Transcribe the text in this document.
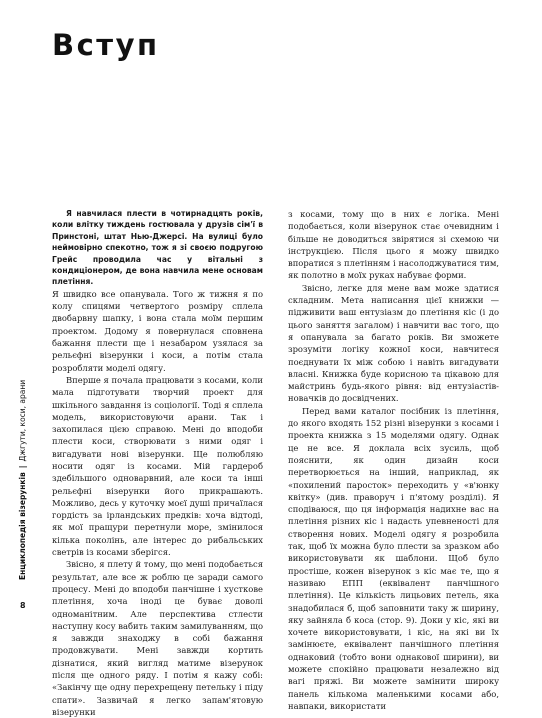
Вступ

Я навчилася плести в чотирнадцять років, коли влітку тиждень гостювала у друзів сім'ї в Принстоні, штат Нью-Джерсі. На вулиці було неймовірно спекотно, тож я зі своєю подругою Грейс проводила час у вітальні з кондиціонером, де вона навчила мене основам плетіння.

Я швидко все опанувала. Того ж тижня я по колу спицями четвертого розміру сплела двобарвну шапку, і вона стала моїм першим проектом. Додому я повернулася сповнена бажання плести ще і незабаром узялася за рельєфні візерунки і коси, а потім стала розробляти моделі одягу.

Вперше я почала працювати з косами, коли мала підготувати творчий проект для шкільного завдання із соціології. Тоді я сплела модель, використовуючи арани. Так і захопилася цією справою. Мені до вподоби плести коси, створювати з ними одяг і вигадувати нові візерунки. Ще полюбляю носити одяг із косами. Мій гардероб здебільшого одноварвний, але коси та інші рельєфні візерунки його прикрашають. Можливо, десь у куточку моєї душі причаїлася гордість за ірландських предків: хоча відтоді, як мої пращури перетнули море, змінилося кілька поколінь, але інтерес до рибальських светрів із косами зберігся.

Звісно, я плету й тому, що мені подобається результат, але все ж роблю це заради самого процесу. Мені до вподоби панчішне і хусткове плетіння, хоча іноді це буває доволі одноманітним. Але перспектива стлести наступну косу вабить таким замилуванням, що я завжди знаходжу в собі бажання продовжувати. Мені завжди кортить дізнатися, який вигляд матиме візерунок після ще одного ряду. І потім я кажу собі: «Закінчу ще одну перехрещену петельку і піду спати». Зазвичай я легко запам'ятовую візерунки

з косами, тому що в них є логіка. Мені подобається, коли візерунок стає очевидним і більше не доводиться звірятися зі схемою чи інструкцією. Після цього я можу швидко впоратися з плетінням і насолоджуватися тим, як полотно в моїх руках набуває форми.

Звісно, легке для мене вам може здатися складним. Мета написання цієї книжки — підживити ваш ентузіазм до плетіння кіс (і до цього заняття загалом) і навчити вас того, що я опанувала за багато років. Ви зможете зрозуміти логіку кожної коси, навчитеся поєднувати їх між собою і навіть вигадувати власні. Книжка буде корисною та цікавою для майстринь будь-якого рівня: від ентузіастів-новачків до досвідчених.

Перед вами каталог посібник із плетіння, до якого входять 152 різні візерунки з косами і проекта книжка з 15 моделями одягу. Однак це не все. Я доклала всіх зусиль, щоб пояснити, як один дизайн коси перетворюється на інший, наприклад, як «похилений паросток» переходить у «в'юнку квітку» (див. праворуч і п'ятому розділі). Я сподіваюся, що ця інформація надихне вас на плетіння різних кіс і надасть упевненості для створення нових. Моделі одягу я розробила так, щоб їх можна було плести за зразком або використовувати як шаблони. Щоб було простіше, кожен візерунок з кіс має те, що я називаю ЕПП (еквівалент панчішного плетіння). Це кількість лицьових петель, яка знадобилася б, щоб заповнити таку ж ширину, яку зайняла б коса (стор. 9). Доки у кіс, які ви хочете використовувати, і кіс, на які ви їх замінюєте, еквівалент панчішного плетіння однаковий (тобто вони однакової ширини), ви можете спокійно працювати незалежно від вагі пряжі. Ви можете замінити широку панель кількома маленькими косами або, навпаки, використати

Енциклопедія візерунків|Джгути, коси, арани
8
